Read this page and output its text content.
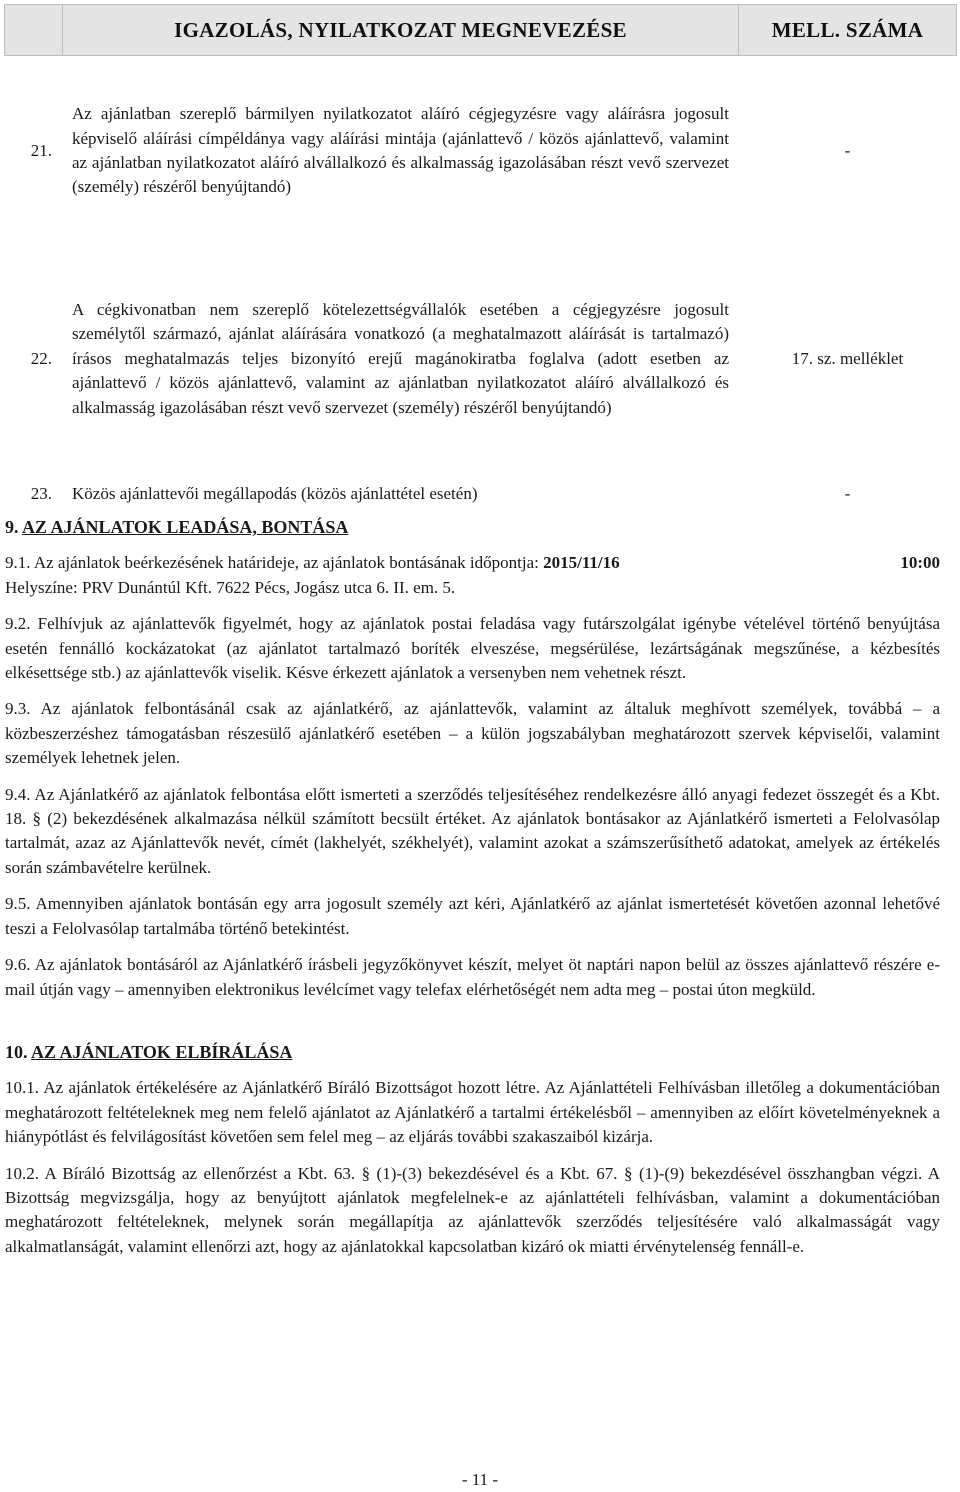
	IGAZOLÁS, NYILATKOZAT MEGNEVEZÉSE	MELL. SZÁMA
21.	Az ajánlatban szereplő bármilyen nyilatkozatot aláíró cégjegyzésre vagy aláírásra jogosult képviselő aláírási címpéldánya vagy aláírási mintája (ajánlattevő / közös ajánlattevő, valamint az ajánlatban nyilatkozatot aláíró alvállalkozó és alkalmasság igazolásában részt vevő szervezet (személy) részéről benyújtandó)	-
22.	A cégkivonatban nem szereplő kötelezettségvállalók esetében a cégjegyzésre jogosult személytől származó, ajánlat aláírására vonatkozó (a meghatalmazott aláírását is tartalmazó) írásos meghatalmazás teljes bizonyító erejű magánokiratba foglalva (adott esetben az ajánlattevő / közös ajánlattevő, valamint az ajánlatban nyilatkozatot aláíró alvállalkozó és alkalmasság igazolásában részt vevő szervezet (személy) részéről benyújtandó)	17. sz. melléklet
23.	Közös ajánlattevői megállapodás (közös ajánlattétel esetén)	-

9. AZ AJÁNLATOK LEADÁSA, BONTÁSA

9.1. Az ajánlatok beérkezésének határideje, az ajánlatok bontásának időpontja: 2015/11/16	10:00

Helyszíne: PRV Dunántúl Kft. 7622 Pécs, Jogász utca 6. II. em. 5.

9.2. Felhívjuk az ajánlattevők figyelmét, hogy az ajánlatok postai feladása vagy futárszolgálat igénybe vételével történő benyújtása esetén fennálló kockázatokat (az ajánlatot tartalmazó boríték elveszése, megsérülése, lezártságának megszűnése, a kézbesítés elkésettsége stb.) az ajánlattevők viselik. Késve érkezett ajánlatok a versenyben nem vehetnek részt.

9.3. Az ajánlatok felbontásánál csak az ajánlatkérő, az ajánlattevők, valamint az általuk meghívott személyek, továbbá – a közbeszerzéshez támogatásban részesülő ajánlatkérő esetében – a külön jogszabályban meghatározott szervek képviselői, valamint személyek lehetnek jelen.

9.4. Az Ajánlatkérő az ajánlatok felbontása előtt ismerteti a szerződés teljesítéséhez rendelkezésre álló anyagi fedezet összegét és a Kbt. 18. § (2) bekezdésének alkalmazása nélkül számított becsült értéket. Az ajánlatok bontásakor az Ajánlatkérő ismerteti a Felolvasólap tartalmát, azaz az Ajánlattevők nevét, címét (lakhelyét, székhelyét), valamint azokat a számszerűsíthető adatokat, amelyek az értékelés során számbavételre kerülnek.

9.5. Amennyiben ajánlatok bontásán egy arra jogosult személy azt kéri, Ajánlatkérő az ajánlat ismertetését követően azonnal lehetővé teszi a Felolvasólap tartalmába történő betekintést.

9.6. Az ajánlatok bontásáról az Ajánlatkérő írásbeli jegyzőkönyvet készít, melyet öt naptári napon belül az összes ajánlattevő részére e-mail útján vagy – amennyiben elektronikus levélcímet vagy telefax elérhetőségét nem adta meg – postai úton megküld.

10. AZ AJÁNLATOK ELBÍRÁLÁSA

10.1. Az ajánlatok értékelésére az Ajánlatkérő Bíráló Bizottságot hozott létre. Az Ajánlattételi Felhívásban illetőleg a dokumentációban meghatározott feltételeknek meg nem felelő ajánlatot az Ajánlatkérő a tartalmi értékelésből – amennyiben az előírt követelményeknek a hiánypótlást és felvilágosítást követően sem felel meg – az eljárás további szakaszaiból kizárja.

10.2. A Bíráló Bizottság az ellenőrzést a Kbt. 63. § (1)-(3) bekezdésével és a Kbt. 67. § (1)-(9) bekezdésével összhangban végzi. A Bizottság megvizsgálja, hogy az benyújtott ajánlatok megfelelnek-e az ajánlattételi felhívásban, valamint a dokumentációban meghatározott feltételeknek, melynek során megállapítja az ajánlattevők szerződés teljesítésére való alkalmasságát vagy alkalmatlanságát, valamint ellenőrzi azt, hogy az ajánlatokkal kapcsolatban kizáró ok miatti érvénytelenség fennáll-e.

- 11 -
